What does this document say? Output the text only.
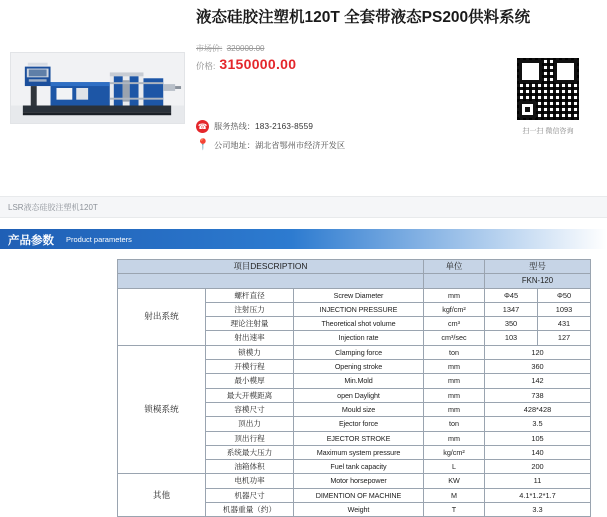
液态硅胶注塑机120T 全套带液态PS200供料系统
市场价: 320000.00
价格: 3150000.00
☎ 服务热线： 183-2163-8559
📍 公司地址： 湖北省鄂州市经济开发区
扫一扫 微信咨询
LSR液态硅胶注塑机120T
产品参数 Product parameters
项目DESCRIPTION			单位	型号	
				FKN-120	
射出系统	螺杆直径	Screw Diameter	mm	Φ45	Φ50
	注射压力	INJECTION PRESSURE	kgf/cm²	1347	1093
	理论注射量	Theoretical shot volume	cm³	350	431
	射出速率	Injection rate	cm³/sec	103	127
锁模系统	锁模力	Clamping force	ton	120	
	开模行程	Opening stroke	mm	360	
	最小模厚	Min.Mold	mm	142	
	最大开模距离	open Daylight	mm	738	
	容模尺寸	Mould size	mm	428*428	
	顶出力	Ejector force	ton	3.5	
	顶出行程	EJECTOR STROKE	mm	105	
	系统最大压力	Maximum system pressure	kg/cm²	140	
	油箱体积	Fuel tank capacity	L	200	
其他	电机功率	Motor horsepower	KW	11	
	机器尺寸	DIMENTION OF MACHINE	M	4.1*1.2*1.7	
	机器重量（约）	Weight	T	3.3	
